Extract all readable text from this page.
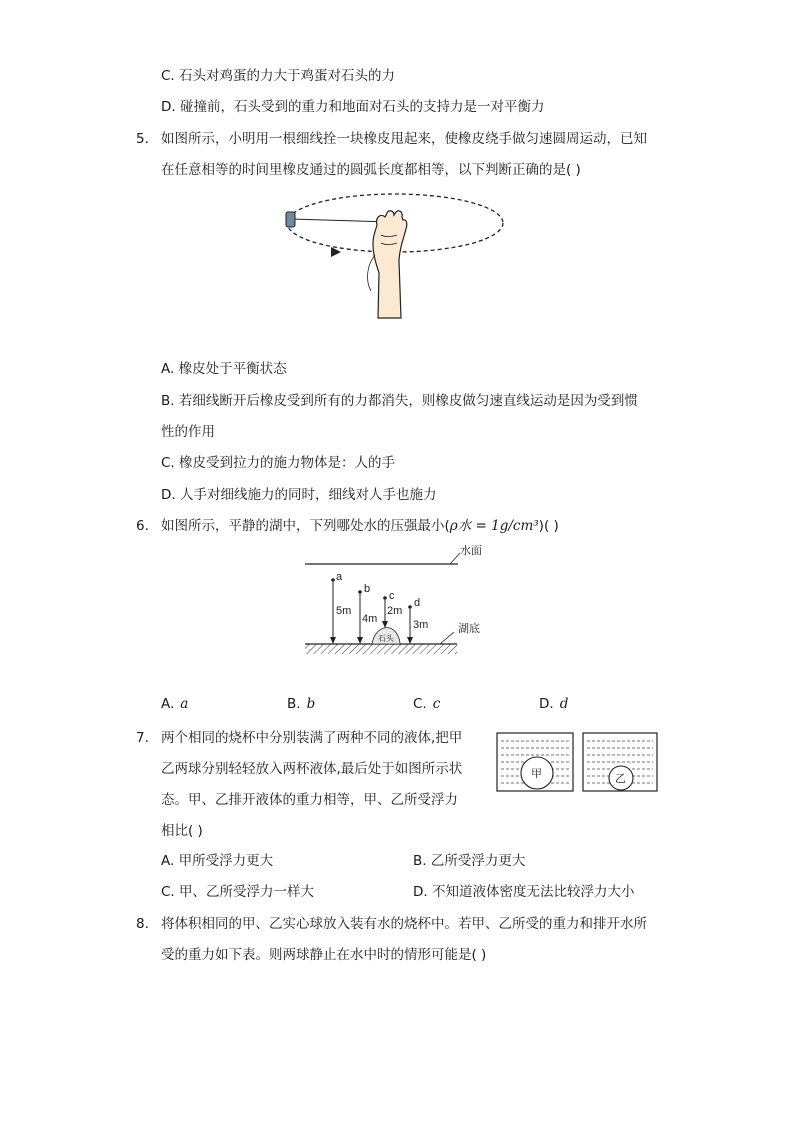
C. 石头对鸡蛋的力大于鸡蛋对石头的力
D. 碰撞前，石头受到的重力和地面对石头的支持力是一对平衡力
5. 如图所示，小明用一根细线拴一块橡皮甩起来，使橡皮绕手做匀速圆周运动，已知
在任意相等的时间里橡皮通过的圆弧长度都相等，以下判断正确的是( )
A. 橡皮处于平衡状态
B. 若细线断开后橡皮受到所有的力都消失，则橡皮做匀速直线运动是因为受到惯
性的作用
C. 橡皮受到拉力的施力物体是：人的手
D. 人手对细线施力的同时，细线对人手也施力
6. 如图所示，平静的湖中，下列哪处水的压强最小(ρ水 = 1g/cm³)( )
水面
湖底
石头
a
5m
b
4m
c
2m
d
3m
A. a	B. b	C. c	D. d
7. 两个相同的烧杯中分别装满了两种不同的液体,把甲
乙两球分别轻轻放入两杯液体,最后处于如图所示状
态。甲、乙排开液体的重力相等，甲、乙所受浮力
相比( )
甲	乙
A. 甲所受浮力更大	B. 乙所受浮力更大
C. 甲、乙所受浮力一样大	D. 不知道液体密度无法比较浮力大小
8. 将体积相同的甲、乙实心球放入装有水的烧杯中。若甲、乙所受的重力和排开水所
受的重力如下表。则两球静止在水中时的情形可能是( )
